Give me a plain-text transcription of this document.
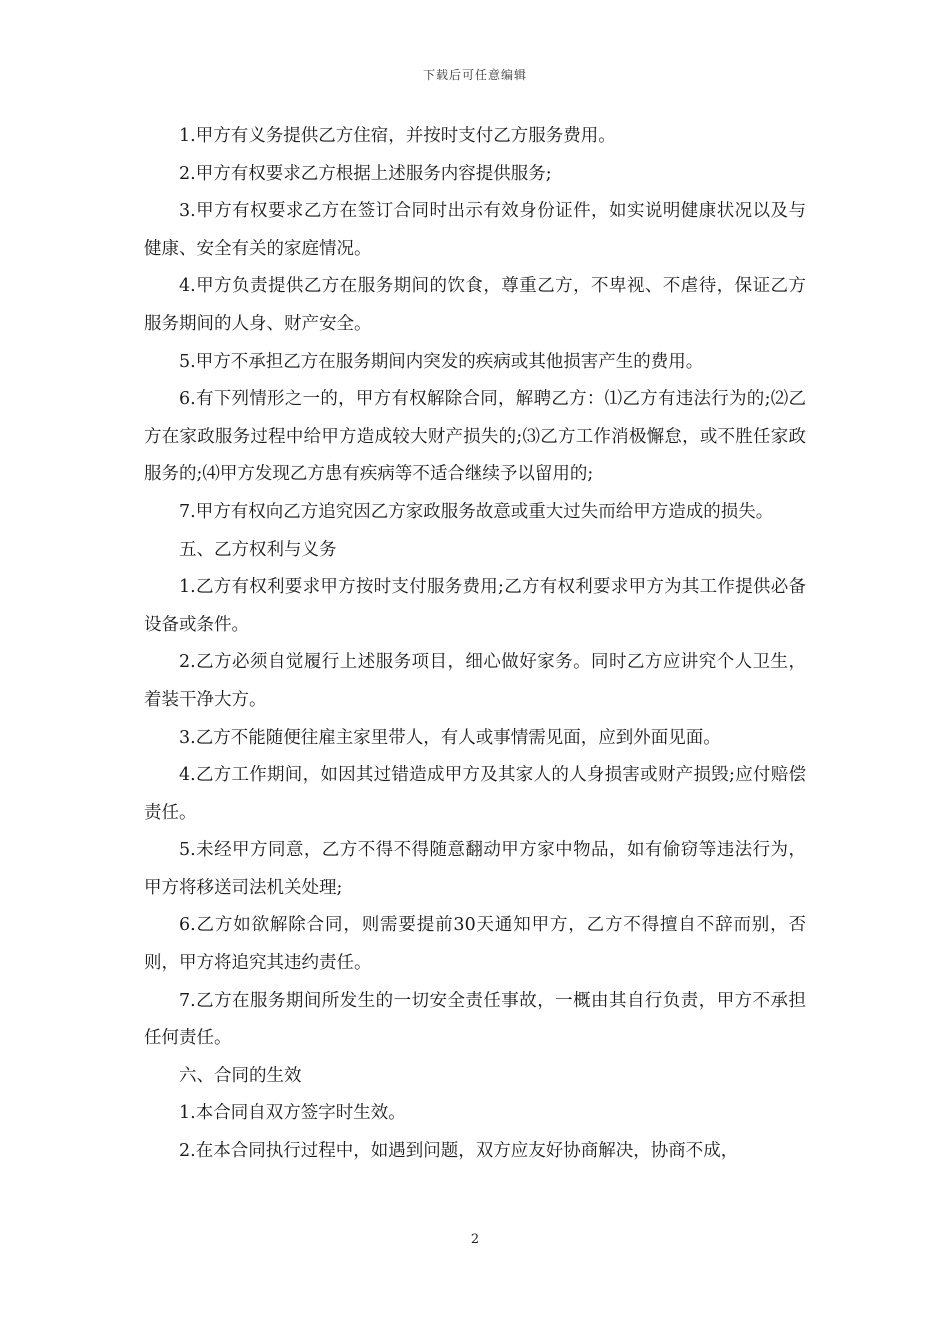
下载后可任意编辑

1.甲方有义务提供乙方住宿，并按时支付乙方服务费用。

2.甲方有权要求乙方根据上述服务内容提供服务;

3.甲方有权要求乙方在签订合同时出示有效身份证件，如实说明健康状况以及与健康、安全有关的家庭情况。

4.甲方负责提供乙方在服务期间的饮食，尊重乙方，不卑视、不虐待，保证乙方服务期间的人身、财产安全。

5.甲方不承担乙方在服务期间内突发的疾病或其他损害产生的费用。

6.有下列情形之一的，甲方有权解除合同，解聘乙方：⑴乙方有违法行为的;⑵乙方在家政服务过程中给甲方造成较大财产损失的;⑶乙方工作消极懈怠，或不胜任家政服务的;⑷甲方发现乙方患有疾病等不适合继续予以留用的;

7.甲方有权向乙方追究因乙方家政服务故意或重大过失而给甲方造成的损失。

五、乙方权利与义务

1.乙方有权利要求甲方按时支付服务费用;乙方有权利要求甲方为其工作提供必备设备或条件。

2.乙方必须自觉履行上述服务项目，细心做好家务。同时乙方应讲究个人卫生，着装干净大方。

3.乙方不能随便往雇主家里带人，有人或事情需见面，应到外面见面。

4.乙方工作期间，如因其过错造成甲方及其家人的人身损害或财产损毁;应付赔偿责任。

5.未经甲方同意，乙方不得不得随意翻动甲方家中物品，如有偷窃等违法行为，甲方将移送司法机关处理;

6.乙方如欲解除合同，则需要提前30天通知甲方，乙方不得擅自不辞而别，否则，甲方将追究其违约责任。

7.乙方在服务期间所发生的一切安全责任事故，一概由其自行负责，甲方不承担任何责任。

六、合同的生效

1.本合同自双方签字时生效。

2.在本合同执行过程中，如遇到问题，双方应友好协商解决，协商不成，

2
